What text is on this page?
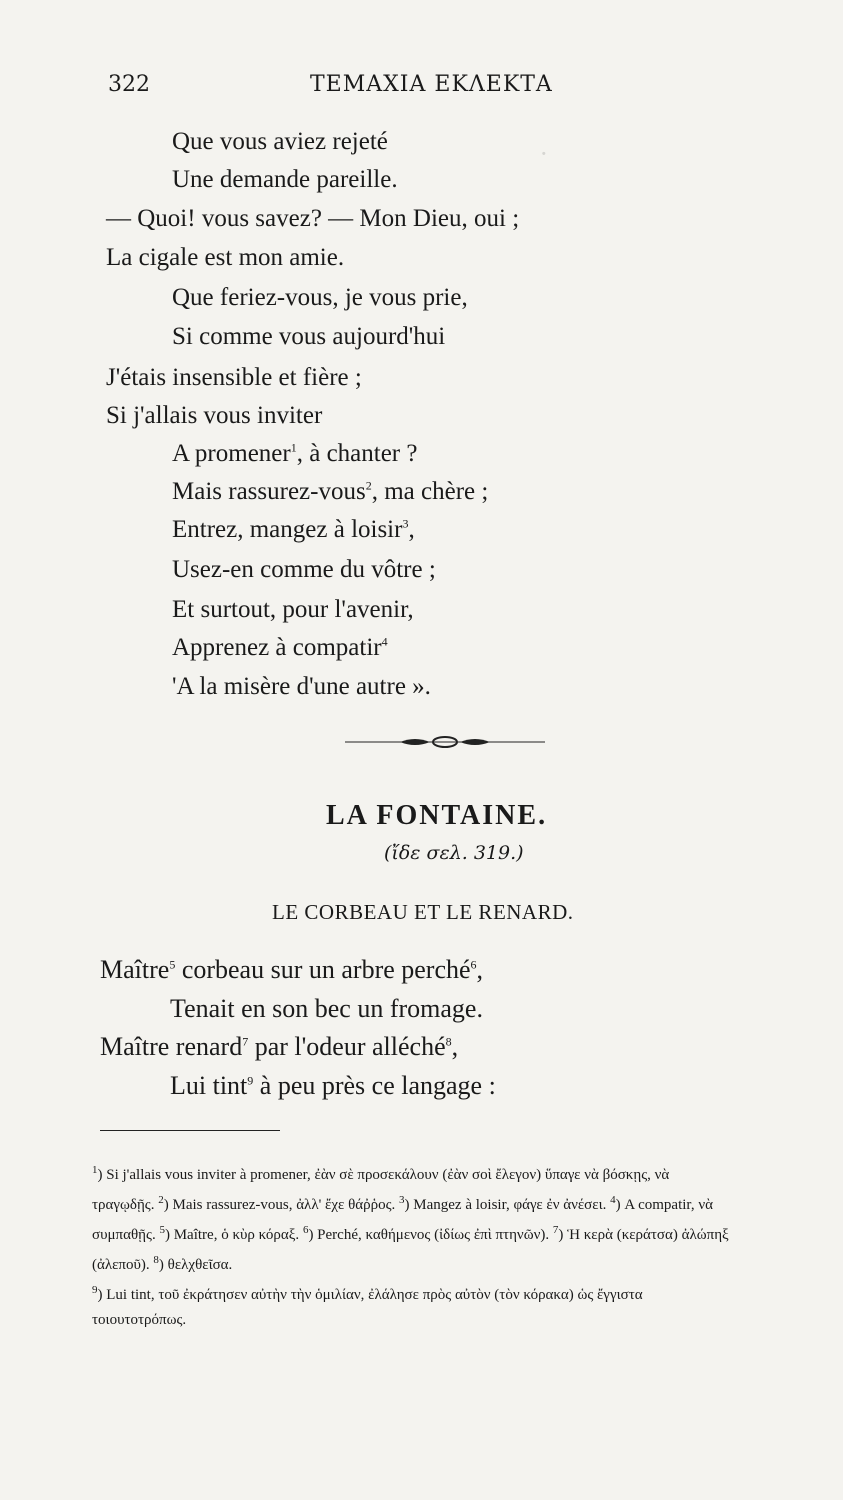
·
322	ΤΕΜΑΧΙΑ ΕΚΛΕΚΤΑ
Que vous aviez rejeté
Une demande pareille.
— Quoi! vous savez? — Mon Dieu, oui ;
La cigale est mon amie.
Que feriez-vous, je vous prie,
Si comme vous aujourd'hui
J'étais insensible et fière ;
Si j'allais vous inviter
A promener$^1$, à chanter ?
Mais rassurez-vous$^2$, ma chère ;
Entrez, mangez à loisir$^3$,
Usez-en comme du vôtre ;
Et surtout, pour l'avenir,
Apprenez à compatir$^4$
'A la misère d'une autre ».
LA FONTAINE.
(ἴδε σελ. 319.)
LE CORBEAU ET LE RENARD.
Maître$^5$ corbeau sur un arbre perché$^6$,
Tenait en son bec un fromage.
Maître renard$^7$ par l'odeur alléché$^8$,
Lui tint$^9$ à peu près ce langage :
$^1$) Si j'allais vous inviter à promener, ἐὰν σὲ προσεκάλουν (ἐὰν σοὶ ἔλεγον) ὕπαγε νὰ βόσκῃς, νὰ τραγῳδῇς. $^2$) Mais rassurez-vous, ἀλλ' ἔχε θάῤῥος. $^3$) Mangez à loisir, φάγε ἐν ἀνέσει. $^4$) A compatir, νὰ συμπαθῇς. $^5$) Maître, ὁ κὺρ κόραξ. $^6$) Perché, καθήμενος (ἰδίως ἐπὶ πτηνῶν). $^7$) Ἡ κερὰ (κεράτσα) ἀλώπηξ (ἀλεποῦ). $^8$) θελχθεῖσα.
$^9$) Lui tint, τοῦ ἐκράτησεν αὐτὴν τὴν ὁμιλίαν, ἐλάλησε πρὸς αὐτὸν (τὸν κόρακα) ὡς ἔγγιστα τοιουτοτρόπως.
